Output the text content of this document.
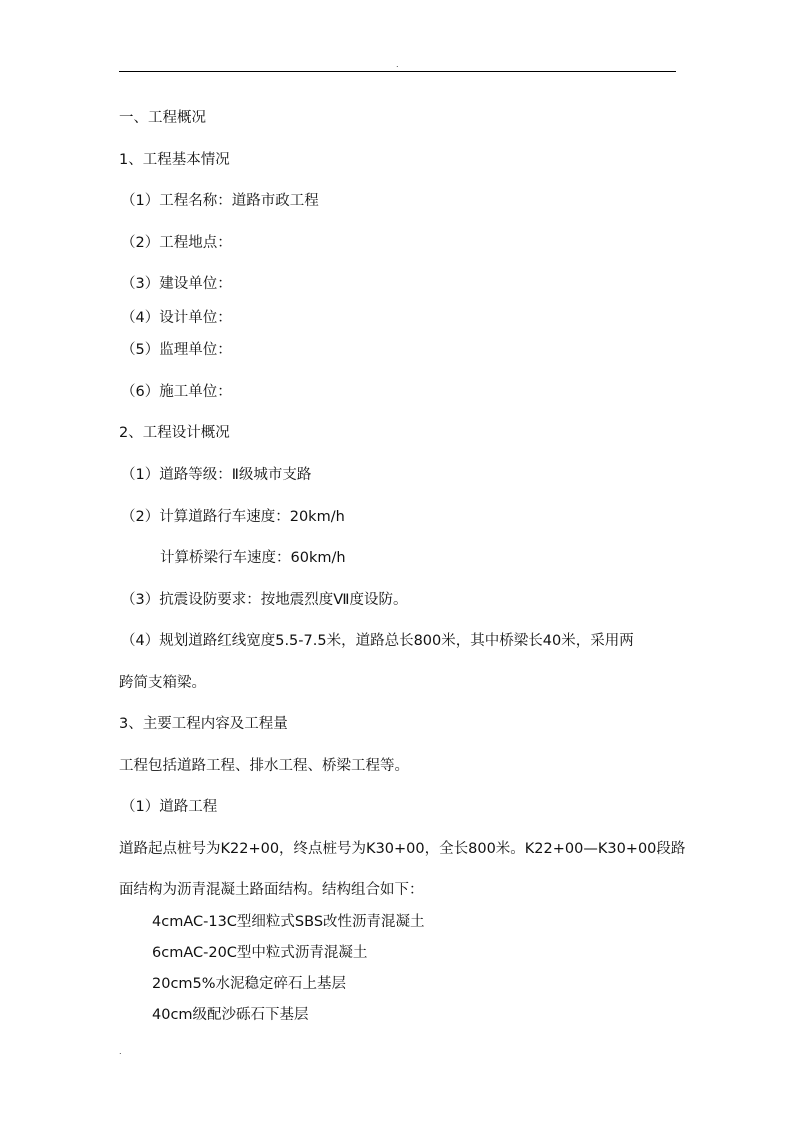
.
一、工程概况
1、工程基本情况
（1）工程名称：道路市政工程
（2）工程地点：
（3）建设单位：
（4）设计单位：
（5）监理单位：
（6）施工单位：
2、工程设计概况
（1）道路等级：Ⅱ级城市支路
（2）计算道路行车速度：20km/h
计算桥梁行车速度：60km/h
（3）抗震设防要求：按地震烈度Ⅶ度设防。
（4）规划道路红线宽度5.5-7.5米，道路总长800米，其中桥梁长40米，采用两
跨简支箱梁。
3、主要工程内容及工程量
工程包括道路工程、排水工程、桥梁工程等。
（1）道路工程
道路起点桩号为K22+00，终点桩号为K30+00，全长800米。K22+00—K30+00段路
面结构为沥青混凝土路面结构。结构组合如下：
4cmAC-13C型细粒式SBS改性沥青混凝土
6cmAC-20C型中粒式沥青混凝土
20cm5%水泥稳定碎石上基层
40cm级配沙砾石下基层
.
